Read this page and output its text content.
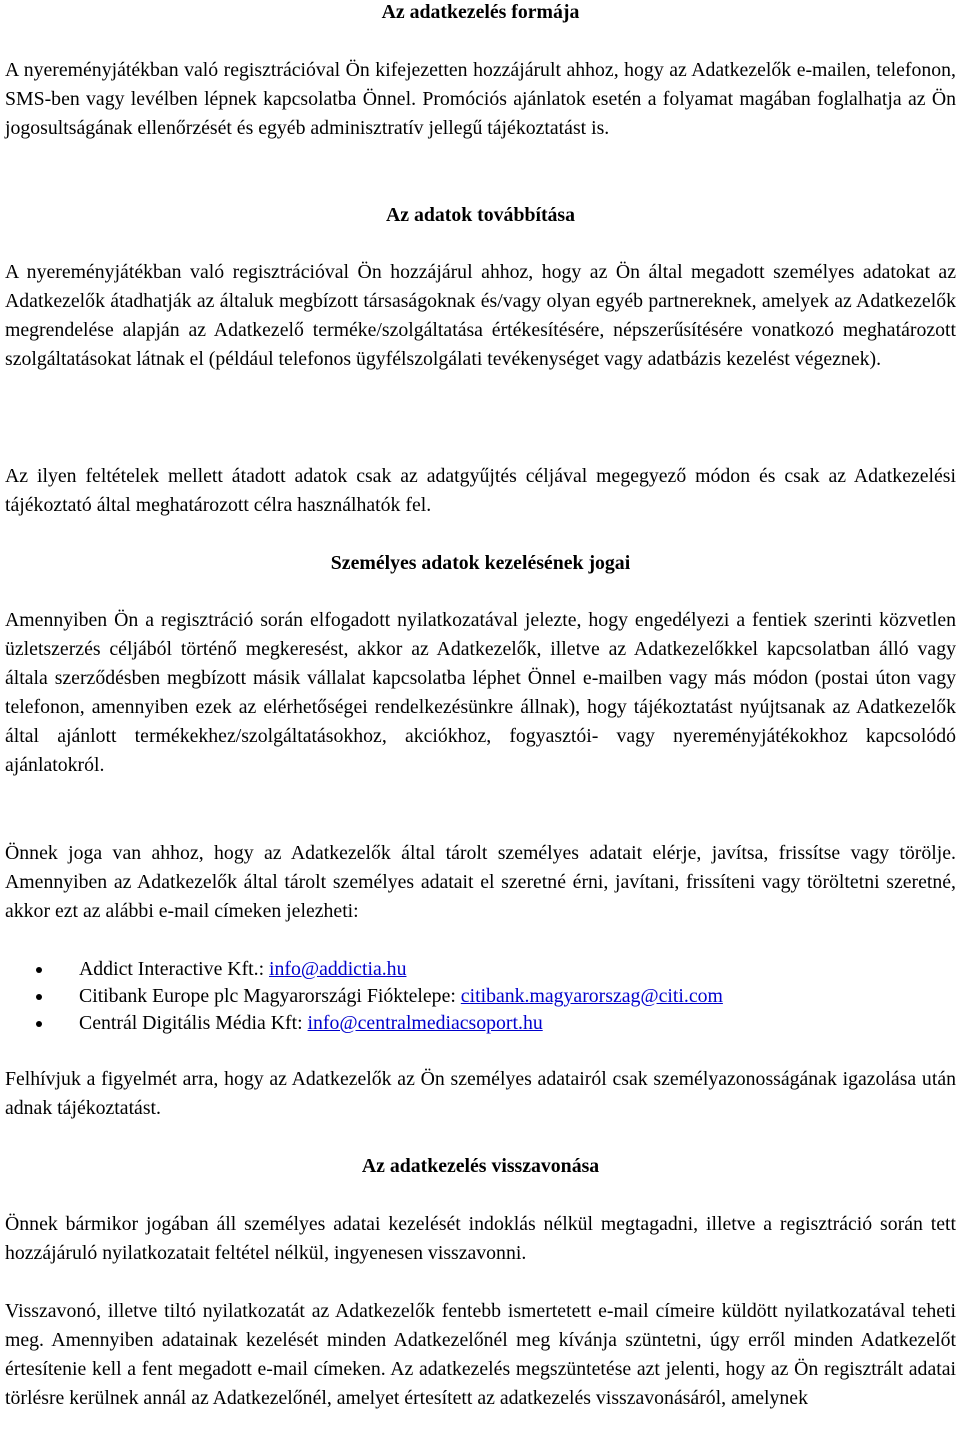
Az adatkezelés formája

A nyereményjátékban való regisztrációval Ön kifejezetten hozzájárult ahhoz, hogy az Adatkezelők e-mailen, telefonon, SMS-ben vagy levélben lépnek kapcsolatba Önnel. Promóciós ajánlatok esetén a folyamat magában foglalhatja az Ön jogosultságának ellenőrzését és egyéb adminisztratív jellegű tájékoztatást is.

Az adatok továbbítása

A nyereményjátékban való regisztrációval Ön hozzájárul ahhoz, hogy az Ön által megadott személyes adatokat az Adatkezelők átadhatják az általuk megbízott társaságoknak és/vagy olyan egyéb partnereknek, amelyek az Adatkezelők megrendelése alapján az Adatkezelő terméke/szolgáltatása értékesítésére, népszerűsítésére vonatkozó meghatározott szolgáltatásokat látnak el (például telefonos ügyfélszolgálati tevékenységet vagy adatbázis kezelést végeznek).

Az ilyen feltételek mellett átadott adatok csak az adatgyűjtés céljával megegyező módon és csak az Adatkezelési tájékoztató által meghatározott célra használhatók fel.

Személyes adatok kezelésének jogai

Amennyiben Ön a regisztráció során elfogadott nyilatkozatával jelezte, hogy engedélyezi a fentiek szerinti közvetlen üzletszerzés céljából történő megkeresést, akkor az Adatkezelők, illetve az Adatkezelőkkel kapcsolatban álló vagy általa szerződésben megbízott másik vállalat kapcsolatba léphet Önnel e-mailben vagy más módon (postai úton vagy telefonon, amennyiben ezek az elérhetőségei rendelkezésünkre állnak), hogy tájékoztatást nyújtsanak az Adatkezelők által ajánlott termékekhez/szolgáltatásokhoz, akciókhoz, fogyasztói- vagy nyereményjátékokhoz kapcsolódó ajánlatokról.

Önnek joga van ahhoz, hogy az Adatkezelők által tárolt személyes adatait elérje, javítsa, frissítse vagy törölje. Amennyiben az Adatkezelők által tárolt személyes adatait el szeretné érni, javítani, frissíteni vagy töröltetni szeretné, akkor ezt az alábbi e-mail címeken jelezheti:

Addict Interactive Kft.: info@addictia.hu
Citibank Europe plc Magyarországi Fióktelepe: citibank.magyarorszag@citi.com
Centrál Digitális Média Kft: info@centralmediacsoport.hu

Felhívjuk a figyelmét arra, hogy az Adatkezelők az Ön személyes adatairól csak személyazonosságának igazolása után adnak tájékoztatást.

Az adatkezelés visszavonása

Önnek bármikor jogában áll személyes adatai kezelését indoklás nélkül megtagadni, illetve a regisztráció során tett hozzájáruló nyilatkozatait feltétel nélkül, ingyenesen visszavonni.

Visszavonó, illetve tiltó nyilatkozatát az Adatkezelők fentebb ismertetett e-mail címeire küldött nyilatkozatával teheti meg. Amennyiben adatainak kezelését minden Adatkezelőnél meg kívánja szüntetni, úgy erről minden Adatkezelőt értesítenie kell a fent megadott e-mail címeken. Az adatkezelés megszüntetése azt jelenti, hogy az Ön regisztrált adatai törlésre kerülnek annál az Adatkezelőnél, amelyet értesített az adatkezelés visszavonásáról, amelynek
